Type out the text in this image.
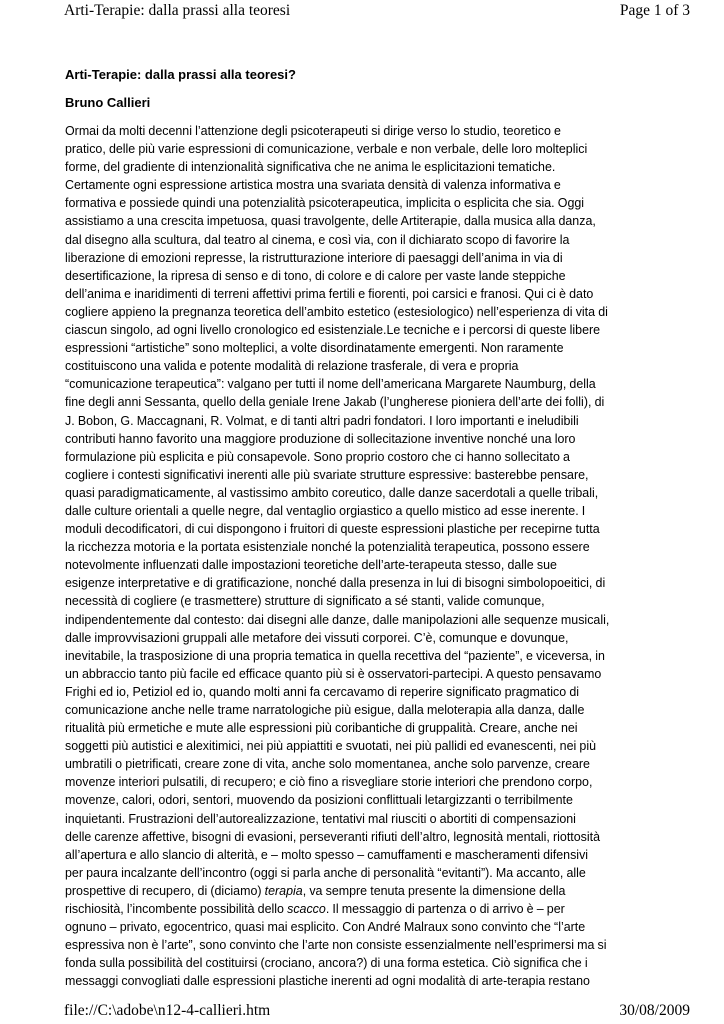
Arti-Terapie: dalla prassi alla teoresi	Page 1 of 3

Arti-Terapie: dalla prassi alla teoresi?

Bruno Callieri

Ormai da molti decenni l’attenzione degli psicoterapeuti si dirige verso lo studio, teoretico e

pratico, delle più varie espressioni di comunicazione, verbale e non verbale, delle loro molteplici

forme, del gradiente di intenzionalità significativa che ne anima le esplicitazioni tematiche.

Certamente ogni espressione artistica mostra una svariata densità di valenza informativa e

formativa e possiede quindi una potenzialità psicoterapeutica, implicita o esplicita che sia. Oggi

assistiamo a una crescita impetuosa, quasi travolgente, delle Artiterapie, dalla musica alla danza,

dal disegno alla scultura, dal teatro al cinema, e così via, con il dichiarato scopo di favorire la

liberazione di emozioni represse, la ristrutturazione interiore di paesaggi dell’anima in via di

desertificazione, la ripresa di senso e di tono, di colore e di calore per vaste lande steppiche

dell’anima e inaridimenti di terreni affettivi prima fertili e fiorenti, poi carsici e franosi. Qui ci è dato

cogliere appieno la pregnanza teoretica dell’ambito estetico (estesiologico) nell’esperienza di vita di

ciascun singolo, ad ogni livello cronologico ed esistenziale.Le tecniche e i percorsi di queste libere

espressioni “artistiche” sono molteplici, a volte disordinatamente emergenti. Non raramente

costituiscono una valida e potente modalità di relazione trasferale, di vera e propria

“comunicazione terapeutica”: valgano per tutti il nome dell’americana Margarete Naumburg, della

fine degli anni Sessanta, quello della geniale Irene Jakab (l’ungherese pioniera dell’arte dei folli), di

J. Bobon, G. Maccagnani, R. Volmat, e di tanti altri padri fondatori. I loro importanti e ineludibili

contributi hanno favorito una maggiore produzione di sollecitazione inventive nonché una loro

formulazione più esplicita e più consapevole. Sono proprio costoro che ci hanno sollecitato a

cogliere i contesti significativi inerenti alle più svariate strutture espressive: basterebbe pensare,

quasi paradigmaticamente, al vastissimo ambito coreutico, dalle danze sacerdotali a quelle tribali,

dalle culture orientali a quelle negre, dal ventaglio orgiastico a quello mistico ad esse inerente. I

moduli decodificatori, di cui dispongono i fruitori di queste espressioni plastiche per recepirne tutta

la ricchezza motoria e la portata esistenziale nonché la potenzialità terapeutica, possono essere

notevolmente influenzati dalle impostazioni teoretiche dell’arte-terapeuta stesso, dalle sue

esigenze interpretative e di gratificazione, nonché dalla presenza in lui di bisogni simbolopoeitici, di

necessità di cogliere (e trasmettere) strutture di significato a sé stanti, valide comunque,

indipendentemente dal contesto: dai disegni alle danze, dalle manipolazioni alle sequenze musicali,

dalle improvvisazioni gruppali alle metafore dei vissuti corporei. C’è, comunque e dovunque,

inevitabile, la trasposizione di una propria tematica in quella recettiva del “paziente”, e viceversa, in

un abbraccio tanto più facile ed efficace quanto più si è osservatori-partecipi. A questo pensavamo

Frighi ed io, Petiziol ed io, quando molti anni fa cercavamo di reperire significato pragmatico di

comunicazione anche nelle trame narratologiche più esigue, dalla meloterapia alla danza, dalle

ritualità più ermetiche e mute alle espressioni più coribantiche di gruppalità. Creare, anche nei

soggetti più autistici e alexitimici, nei più appiattiti e svuotati, nei più pallidi ed evanescenti, nei più

umbratili o pietrificati, creare zone di vita, anche solo momentanea, anche solo parvenze, creare

movenze interiori pulsatili, di recupero; e ciò fino a risvegliare storie interiori che prendono corpo,

movenze, calori, odori, sentori, muovendo da posizioni conflittuali letargizzanti o terribilmente

inquietanti. Frustrazioni dell’autorealizzazione, tentativi mal riusciti o abortiti di compensazioni

delle carenze affettive, bisogni di evasioni, perseveranti rifiuti dell’altro, legnosità mentali, riottosità

all’apertura e allo slancio di alterità, e – molto spesso – camuffamenti e mascheramenti difensivi

per paura incalzante dell’incontro (oggi si parla anche di personalità “evitanti”). Ma accanto, alle

prospettive di recupero, di (diciamo) terapia, va sempre tenuta presente la dimensione della

rischiosità, l’incombente possibilità dello scacco. Il messaggio di partenza o di arrivo è – per

ognuno – privato, egocentrico, quasi mai esplicito. Con André Malraux sono convinto che “l’arte

espressiva non è l’arte”, sono convinto che l’arte non consiste essenzialmente nell’esprimersi ma si

fonda sulla possibilità del costituirsi (crociano, ancora?) di una forma estetica. Ciò significa che i

messaggi convogliati dalle espressioni plastiche inerenti ad ogni modalità di arte-terapia restano

file://C:\adobe\n12-4-callieri.htm	30/08/2009
